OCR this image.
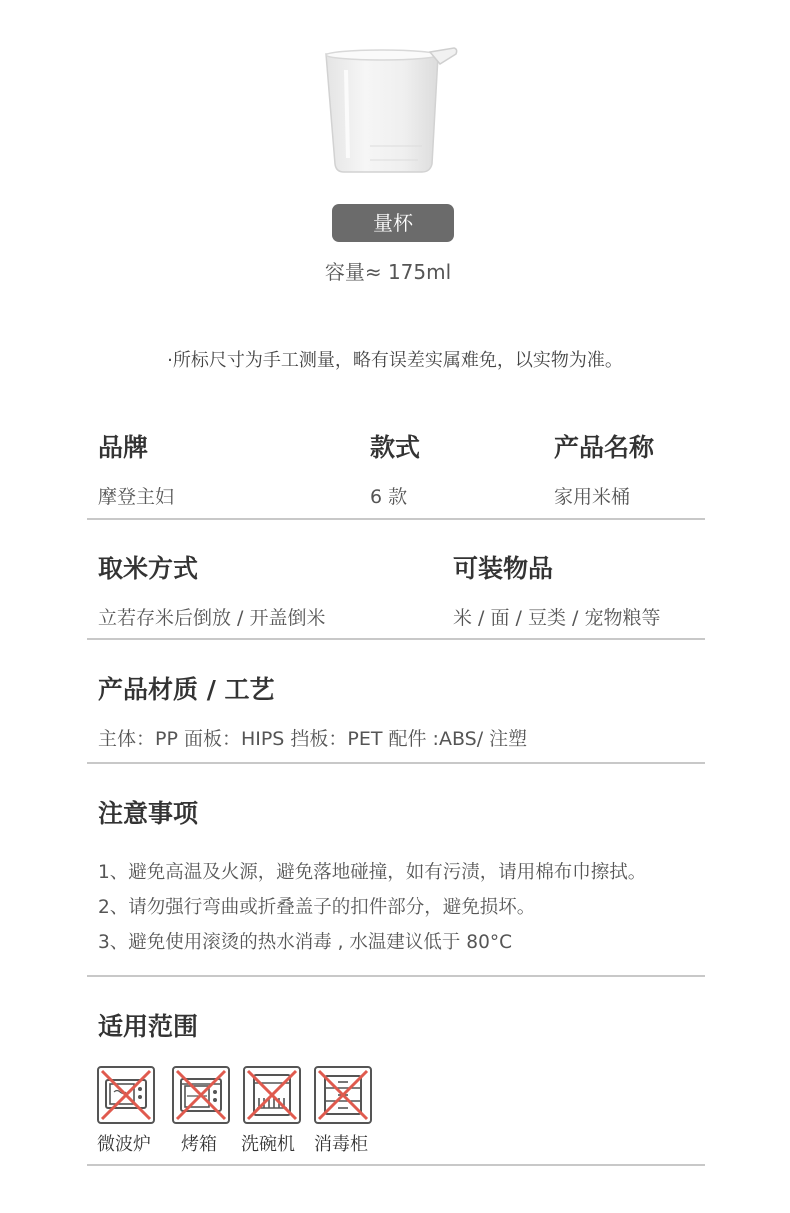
量杯
容量≈ 175ml
·所标尺寸为手工测量，略有误差实属难免，以实物为准。
品牌
摩登主妇
款式
6 款
产品名称
家用米桶
取米方式
立若存米后倒放 / 开盖倒米
可装物品
米 / 面 / 豆类 / 宠物粮等
产品材质 / 工艺
主体：PP 面板：HIPS 挡板：PET 配件 :ABS/ 注塑
注意事项
1、避免高温及火源，避免落地碰撞，如有污渍，请用棉布巾擦拭。
2、请勿强行弯曲或折叠盖子的扣件部分，避免损坏。
3、避免使用滚烫的热水消毒 , 水温建议低于 80°C
适用范围
微波炉 烤箱 洗碗机 消毒柜
